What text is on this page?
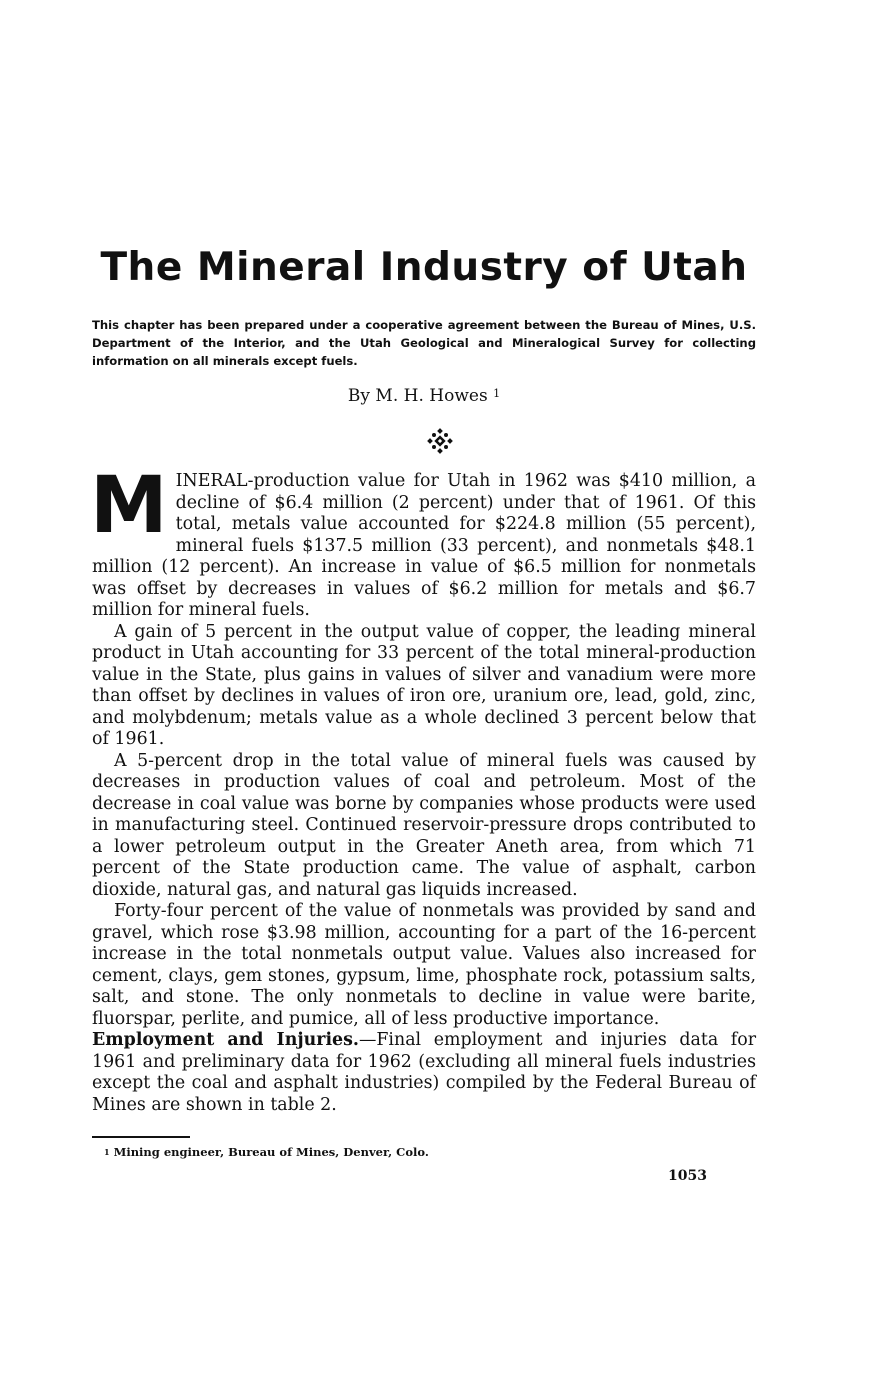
The Mineral Industry of Utah

This chapter has been prepared under a cooperative agreement between the Bureau of Mines, U.S. Department of the Interior, and the Utah Geological and Mineralogical Survey for collecting information on all minerals except fuels.

By M. H. Howes $^1$

MINERAL-production value for Utah in 1962 was $410 million, a decline of $6.4 million (2 percent) under that of 1961. Of this total, metals value accounted for $224.8 million (55 percent), mineral fuels $137.5 million (33 percent), and nonmetals $48.1 million (12 percent). An increase in value of $6.5 million for nonmetals was offset by decreases in values of $6.2 million for metals and $6.7 million for mineral fuels.

A gain of 5 percent in the output value of copper, the leading mineral product in Utah accounting for 33 percent of the total mineral-production value in the State, plus gains in values of silver and vanadium were more than offset by declines in values of iron ore, uranium ore, lead, gold, zinc, and molybdenum; metals value as a whole declined 3 percent below that of 1961.

A 5-percent drop in the total value of mineral fuels was caused by decreases in production values of coal and petroleum. Most of the decrease in coal value was borne by companies whose products were used in manufacturing steel. Continued reservoir-pressure drops contributed to a lower petroleum output in the Greater Aneth area, from which 71 percent of the State production came. The value of asphalt, carbon dioxide, natural gas, and natural gas liquids increased.

Forty-four percent of the value of nonmetals was provided by sand and gravel, which rose $3.98 million, accounting for a part of the 16-percent increase in the total nonmetals output value. Values also increased for cement, clays, gem stones, gypsum, lime, phosphate rock, potassium salts, salt, and stone. The only nonmetals to decline in value were barite, fluorspar, perlite, and pumice, all of less productive importance.

Employment and Injuries.—Final employment and injuries data for 1961 and preliminary data for 1962 (excluding all mineral fuels industries except the coal and asphalt industries) compiled by the Federal Bureau of Mines are shown in table 2.

$^1$ Mining engineer, Bureau of Mines, Denver, Colo.

1053
